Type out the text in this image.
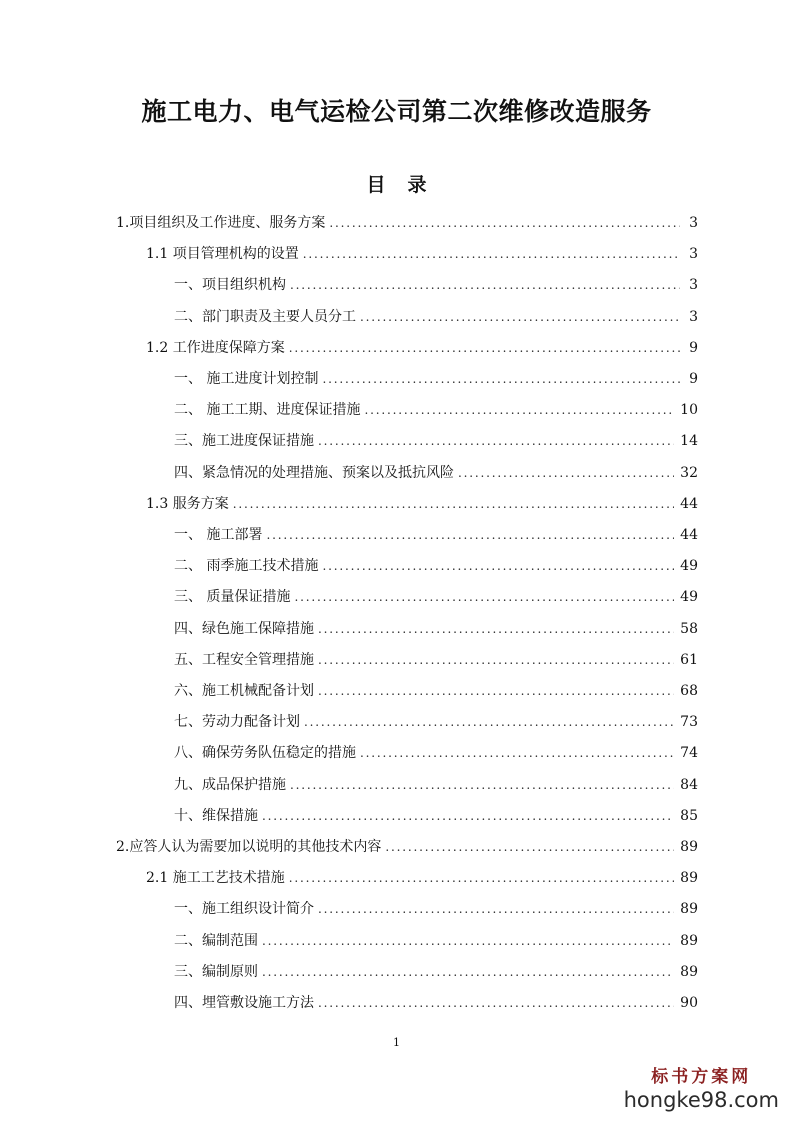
施工电力、电气运检公司第二次维修改造服务
目 录
1.项目组织及工作进度、服务方案 . . .	3
1.1 项目管理机构的设置 . . .	3
一、项目组织机构 . . .	3
二、部门职责及主要人员分工 . . .	3
1.2 工作进度保障方案 . . .	9
一、 施工进度计划控制 . . .	9
二、 施工工期、进度保证措施 . . .	10
三、施工进度保证措施 . . .	14
四、紧急情况的处理措施、预案以及抵抗风险 . . .	32
1.3 服务方案 . . .	44
一、 施工部署 . . .	44
二、 雨季施工技术措施 . . .	49
三、 质量保证措施 . . .	49
四、绿色施工保障措施 . . .	58
五、工程安全管理措施 . . .	61
六、施工机械配备计划 . . .	68
七、劳动力配备计划 . . .	73
八、确保劳务队伍稳定的措施 . . .	74
九、成品保护措施 . . .	84
十、维保措施 . . .	85
2.应答人认为需要加以说明的其他技术内容 . . .	89
2.1 施工工艺技术措施 . . .	89
一、施工组织设计简介 . . .	89
二、编制范围 . . .	89
三、编制原则 . . .	89
四、埋管敷设施工方法 . . .	90
1
标书方案网
hongke98.com
